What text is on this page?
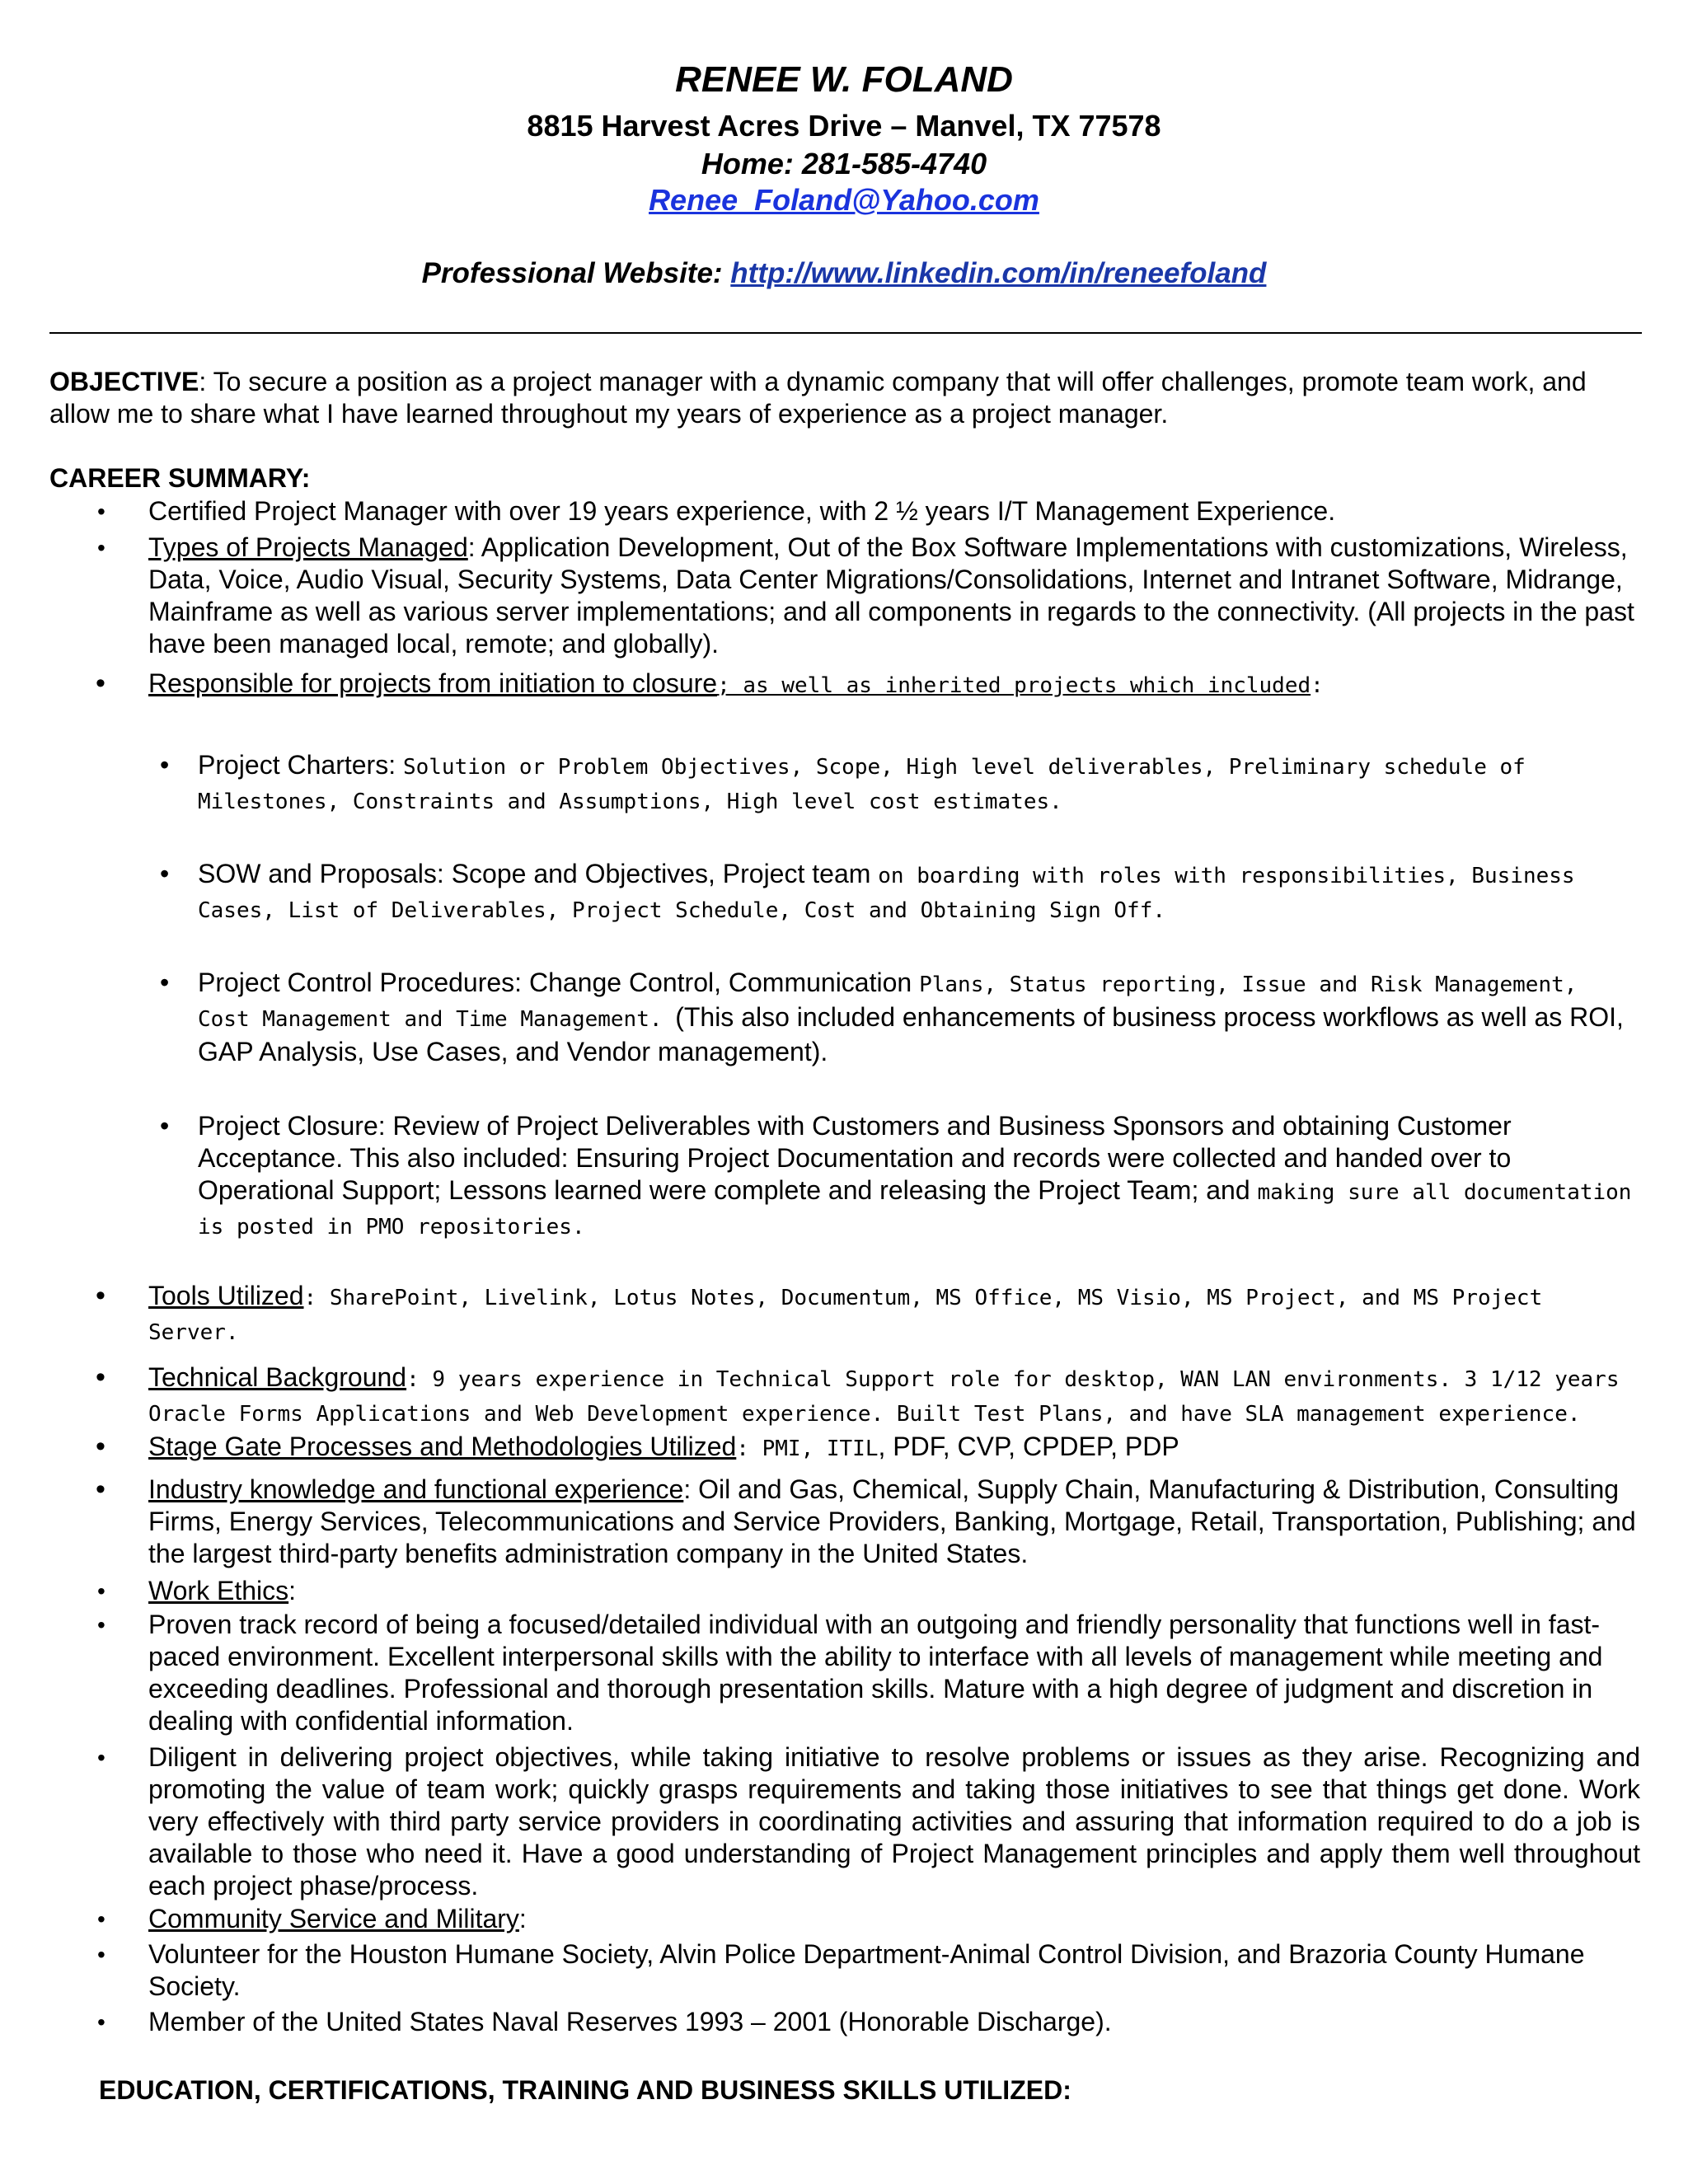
RENEE W. FOLAND
8815 Harvest Acres Drive – Manvel, TX 77578
Home: 281-585-4740
Renee_Foland@Yahoo.com
Professional Website: http://www.linkedin.com/in/reneefoland
OBJECTIVE: To secure a position as a project manager with a dynamic company that will offer challenges, promote team work, and allow me to share what I have learned throughout my years of experience as a project manager.
CAREER SUMMARY:
• Certified Project Manager with over 19 years experience, with 2 ½ years I/T Management Experience.
• Types of Projects Managed: Application Development, Out of the Box Software Implementations with customizations, Wireless, Data, Voice, Audio Visual, Security Systems, Data Center Migrations/Consolidations, Internet and Intranet Software, Midrange, Mainframe as well as various server implementations; and all components in regards to the connectivity. (All projects in the past have been managed local, remote; and globally).
• Responsible for projects from initiation to closure; as well as inherited projects which included:
• Project Charters: Solution or Problem Objectives, Scope, High level deliverables, Preliminary schedule of Milestones, Constraints and Assumptions, High level cost estimates.
• SOW and Proposals: Scope and Objectives, Project team on boarding with roles with responsibilities, Business Cases, List of Deliverables, Project Schedule, Cost and Obtaining Sign Off.
• Project Control Procedures: Change Control, Communication Plans, Status reporting, Issue and Risk Management, Cost Management and Time Management. (This also included enhancements of business process workflows as well as ROI, GAP Analysis, Use Cases, and Vendor management).
• Project Closure: Review of Project Deliverables with Customers and Business Sponsors and obtaining Customer Acceptance. This also included: Ensuring Project Documentation and records were collected and handed over to Operational Support; Lessons learned were complete and releasing the Project Team; and making sure all documentation is posted in PMO repositories.
• Tools Utilized: SharePoint, Livelink, Lotus Notes, Documentum, MS Office, MS Visio, MS Project, and MS Project Server.
• Technical Background: 9 years experience in Technical Support role for desktop, WAN LAN environments. 3 1/12 years Oracle Forms Applications and Web Development experience. Built Test Plans, and have SLA management experience.
• Stage Gate Processes and Methodologies Utilized: PMI, ITIL, PDF, CVP, CPDEP, PDP
• Industry knowledge and functional experience: Oil and Gas, Chemical, Supply Chain, Manufacturing & Distribution, Consulting Firms, Energy Services, Telecommunications and Service Providers, Banking, Mortgage, Retail, Transportation, Publishing; and the largest third-party benefits administration company in the United States.
• Work Ethics:
• Proven track record of being a focused/detailed individual with an outgoing and friendly personality that functions well in fast-paced environment. Excellent interpersonal skills with the ability to interface with all levels of management while meeting and exceeding deadlines. Professional and thorough presentation skills. Mature with a high degree of judgment and discretion in dealing with confidential information.
• Diligent in delivering project objectives, while taking initiative to resolve problems or issues as they arise. Recognizing and promoting the value of team work; quickly grasps requirements and taking those initiatives to see that things get done. Work very effectively with third party service providers in coordinating activities and assuring that information required to do a job is available to those who need it. Have a good understanding of Project Management principles and apply them well throughout each project phase/process.
• Community Service and Military:
• Volunteer for the Houston Humane Society, Alvin Police Department-Animal Control Division, and Brazoria County Humane Society.
• Member of the United States Naval Reserves 1993 – 2001 (Honorable Discharge).
EDUCATION, CERTIFICATIONS, TRAINING AND BUSINESS SKILLS UTILIZED:
